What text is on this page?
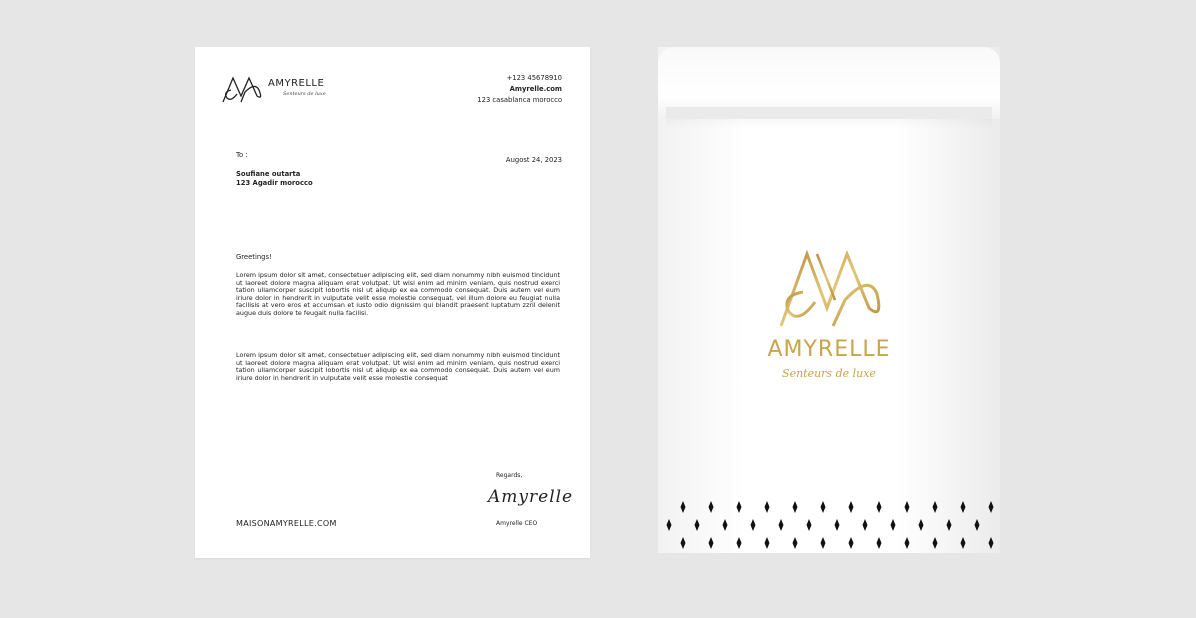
AMYRELLE
Senteurs de luxe
+123 45678910
Amyrelle.com
123 casablanca morocco
To :
Augost 24, 2023
Soufiane outarta
123 Agadir morocco
Greetings!
Lorem ipsum dolor sit amet, consectetuer adipiscing elit, sed diam nonummy nibh euismod tincidunt ut laoreet dolore magna aliquam erat volutpat. Ut wisi enim ad minim veniam, quis nostrud exerci tation ullamcorper suscipit lobortis nisl ut aliquip ex ea commodo consequat. Duis autem vel eum iriure dolor in hendrerit in vulputate velit esse molestie consequat, vel illum dolore eu feugiat nulla facilisis at vero eros et accumsan et iusto odio dignissim qui blandit praesent luptatum zzril delenit augue duis dolore te feugait nulla facilisi.
Lorem ipsum dolor sit amet, consectetuer adipiscing elit, sed diam nonummy nibh euismod tincidunt ut laoreet dolore magna aliquam erat volutpat. Ut wisi enim ad minim veniam, quis nostrud exerci tation ullamcorper suscipit lobortis nisl ut aliquip ex ea commodo consequat. Duis autem vel eum iriure dolor in hendrerit in vulputate velit esse molestie consequat
Regards,
Amyrelle
Amyrelle CEO
MAISONAMYRELLE.COM
AMYRELLE
Senteurs de luxe
